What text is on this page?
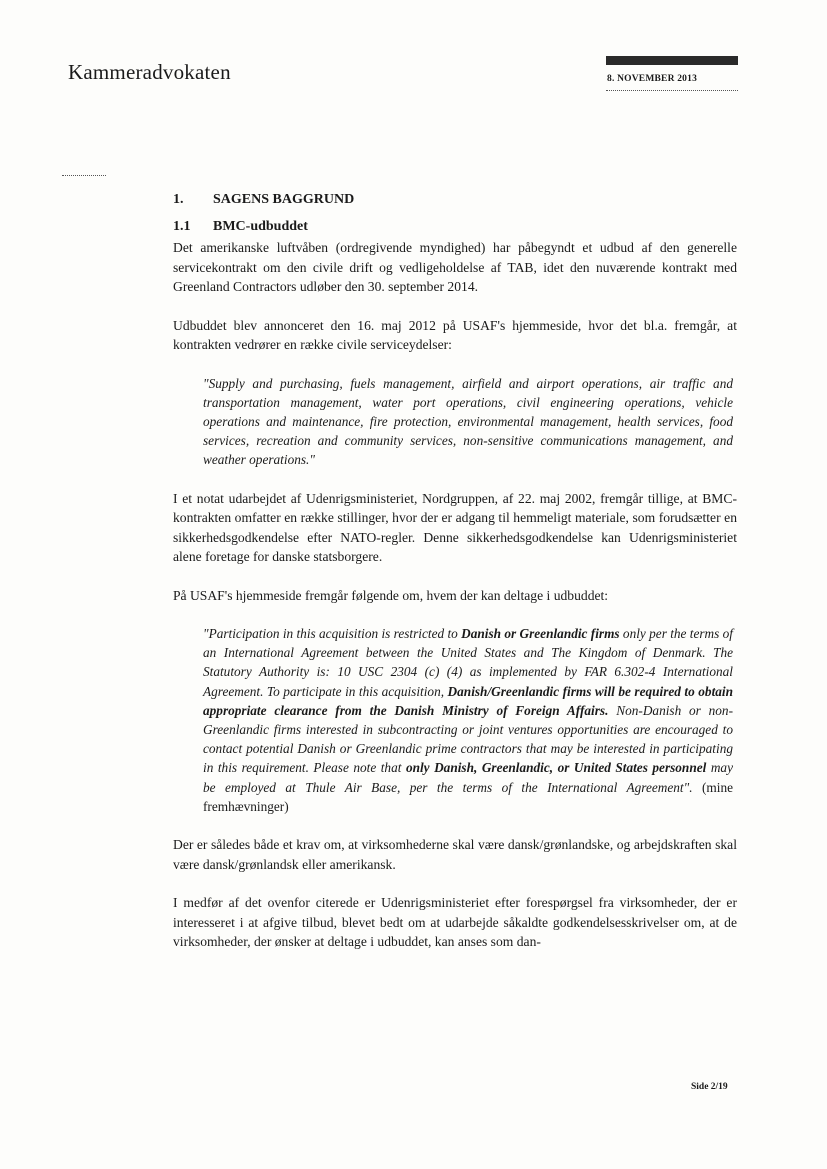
Kammeradvokaten	8. NOVEMBER 2013
1. SAGENS BAGGRUND
1.1 BMC-udbuddet

Det amerikanske luftvåben (ordregivende myndighed) har påbegyndt et udbud af den generelle servicekontrakt om den civile drift og vedligeholdelse af TAB, idet den nuværende kontrakt med Greenland Contractors udløber den 30. september 2014.

Udbuddet blev annonceret den 16. maj 2012 på USAF's hjemmeside, hvor det bl.a. fremgår, at kontrakten vedrører en række civile serviceydelser:

"Supply and purchasing, fuels management, airfield and airport operations, air traffic and transportation management, water port operations, civil engineering operations, vehicle operations and maintenance, fire protection, environmental management, health services, food services, recreation and community services, non-sensitive communications management, and weather operations."

I et notat udarbejdet af Udenrigsministeriet, Nordgruppen, af 22. maj 2002, fremgår tillige, at BMC-kontrakten omfatter en række stillinger, hvor der er adgang til hemmeligt materiale, som forudsætter en sikkerhedsgodkendelse efter NATO-regler. Denne sikkerhedsgodkendelse kan Udenrigsministeriet alene foretage for danske statsborgere.

På USAF's hjemmeside fremgår følgende om, hvem der kan deltage i udbuddet:

"Participation in this acquisition is restricted to Danish or Greenlandic firms only per the terms of an International Agreement between the United States and The Kingdom of Denmark. The Statutory Authority is: 10 USC 2304 (c) (4) as implemented by FAR 6.302-4 International Agreement. To participate in this acquisition, Danish/Greenlandic firms will be required to obtain appropriate clearance from the Danish Ministry of Foreign Affairs. Non-Danish or non-Greenlandic firms interested in subcontracting or joint ventures opportunities are encouraged to contact potential Danish or Greenlandic prime contractors that may be interested in participating in this requirement. Please note that only Danish, Greenlandic, or United States personnel may be employed at Thule Air Base, per the terms of the International Agreement". (mine fremhævninger)

Der er således både et krav om, at virksomhederne skal være dansk/grønlandske, og arbejdskraften skal være dansk/grønlandsk eller amerikansk.

I medfør af det ovenfor citerede er Udenrigsministeriet efter forespørgsel fra virksomheder, der er interesseret i at afgive tilbud, blevet bedt om at udarbejde såkaldte godkendelsesskrivelser om, at de virksomheder, der ønsker at deltage i udbuddet, kan anses som dan-

Side 2/19
